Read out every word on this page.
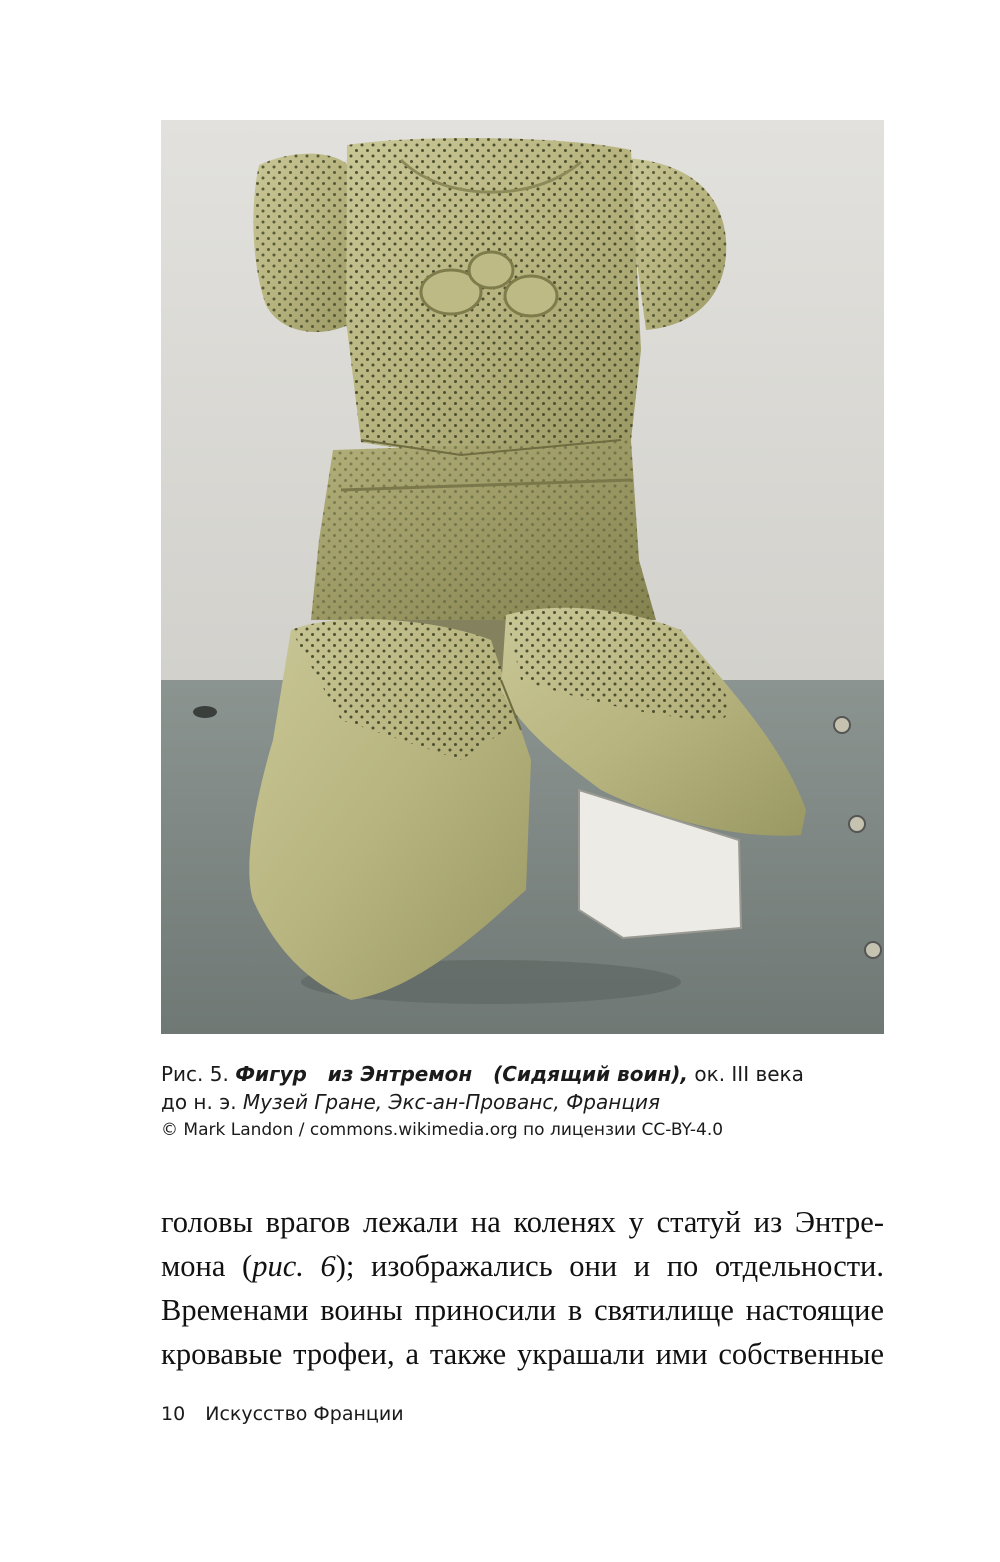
Рис. 5. Фигур   из Энтремон   (Сидящий воин), ок. III века
до н. э. Музей Гране, Экс-ан-Прованс, Франция
© Mark Landon / commons.wikimedia.org по лицензии CC-BY-4.0
головы врагов лежали на коленях у статуй из Энтре-
мона (рис. 6); изображались они и по отдельности.
Временами воины приносили в святилище настоящие
кровавые трофеи, а также украшали ими собственные
10 Искусство Франции
